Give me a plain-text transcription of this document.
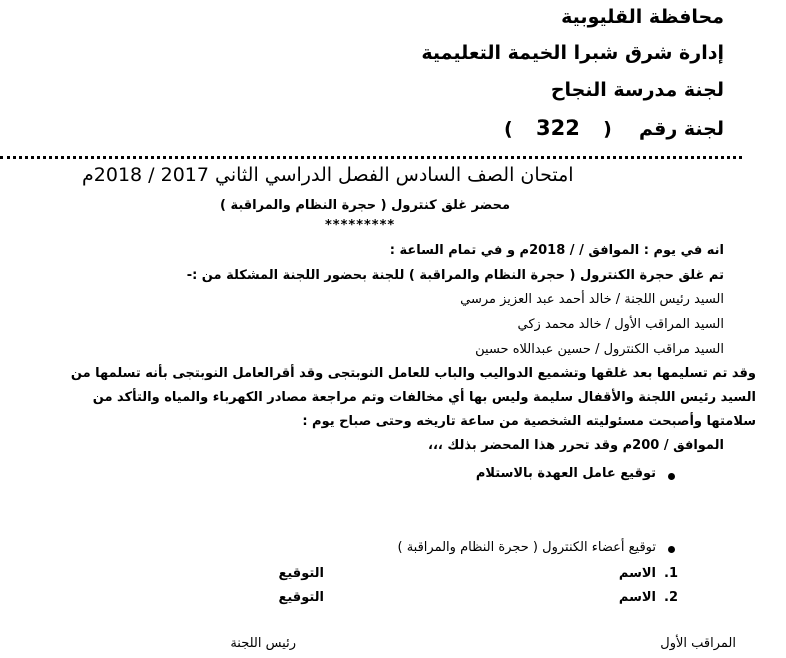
محافظة القليوبية
إدارة شرق شبرا الخيمة التعليمية
لجنة مدرسة النجاح
لجنة رقم  (  322  )
امتحان الصف السادس الفصل الدراسي الثاني 2017 / 2018م
محضر غلق كنترول ( حجرة النظام والمراقبة )
*********
انه في يوم : الموافق / / 2018م و في تمام الساعة :
تم غلق حجرة الكنترول ( حجرة النظام والمراقبة ) للجنة بحضور اللجنة المشكلة من :-
السيد رئيس اللجنة / خالد أحمد عبد العزيز مرسي
السيد المراقب الأول / خالد محمد زكي
السيد مراقب الكنترول / حسين عبداللاه حسين
وقد تم تسليمها بعد غلقها وتشميع الدواليب والباب للعامل النوبتجى وقد أقرالعامل النوبتجى بأنه تسلمها من
السيد رئيس اللجنة والأقفال سليمة وليس بها أي مخالفات وتم مراجعة مصادر الكهرباء والمياه والتأكد من
سلامتها وأصبحت مسئوليته الشخصية من ساعة تاريخه وحتى صباح يوم :
الموافق / 200م وقد تحرر هذا المحضر بذلك ،،،
توقيع عامل العهدة بالاستلام
توقيع أعضاء الكنترول ( حجرة النظام والمراقبة )
1.
الاسم
التوقيع
2.
الاسم
التوقيع
المراقب الأول
رئيس اللجنة
